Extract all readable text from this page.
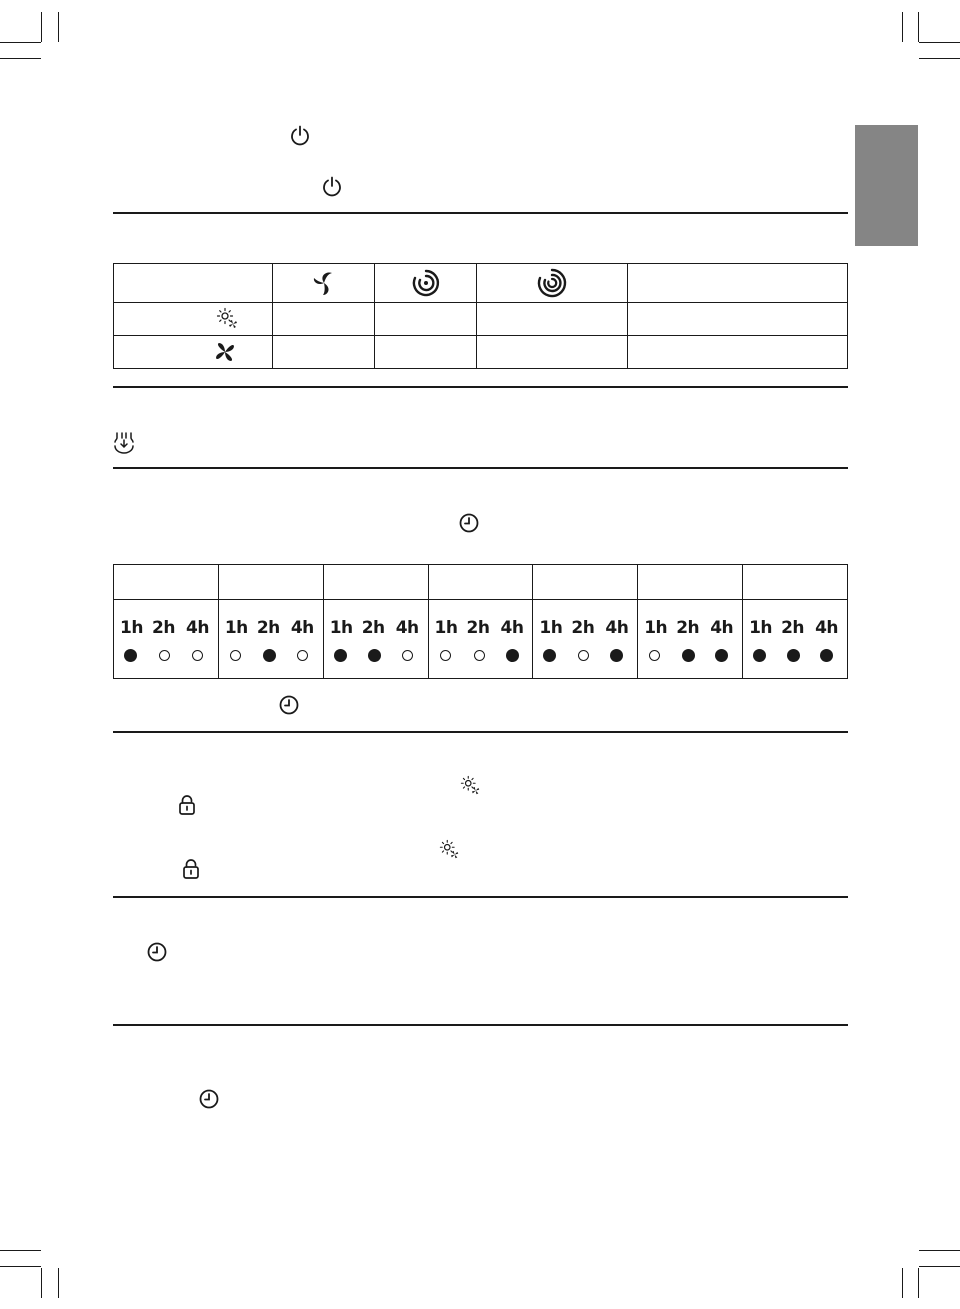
1h 2h 4h	1h 2h 4h	1h 2h 4h	1h 2h 4h	1h 2h 4h	1h 2h 4h	1h 2h 4h
